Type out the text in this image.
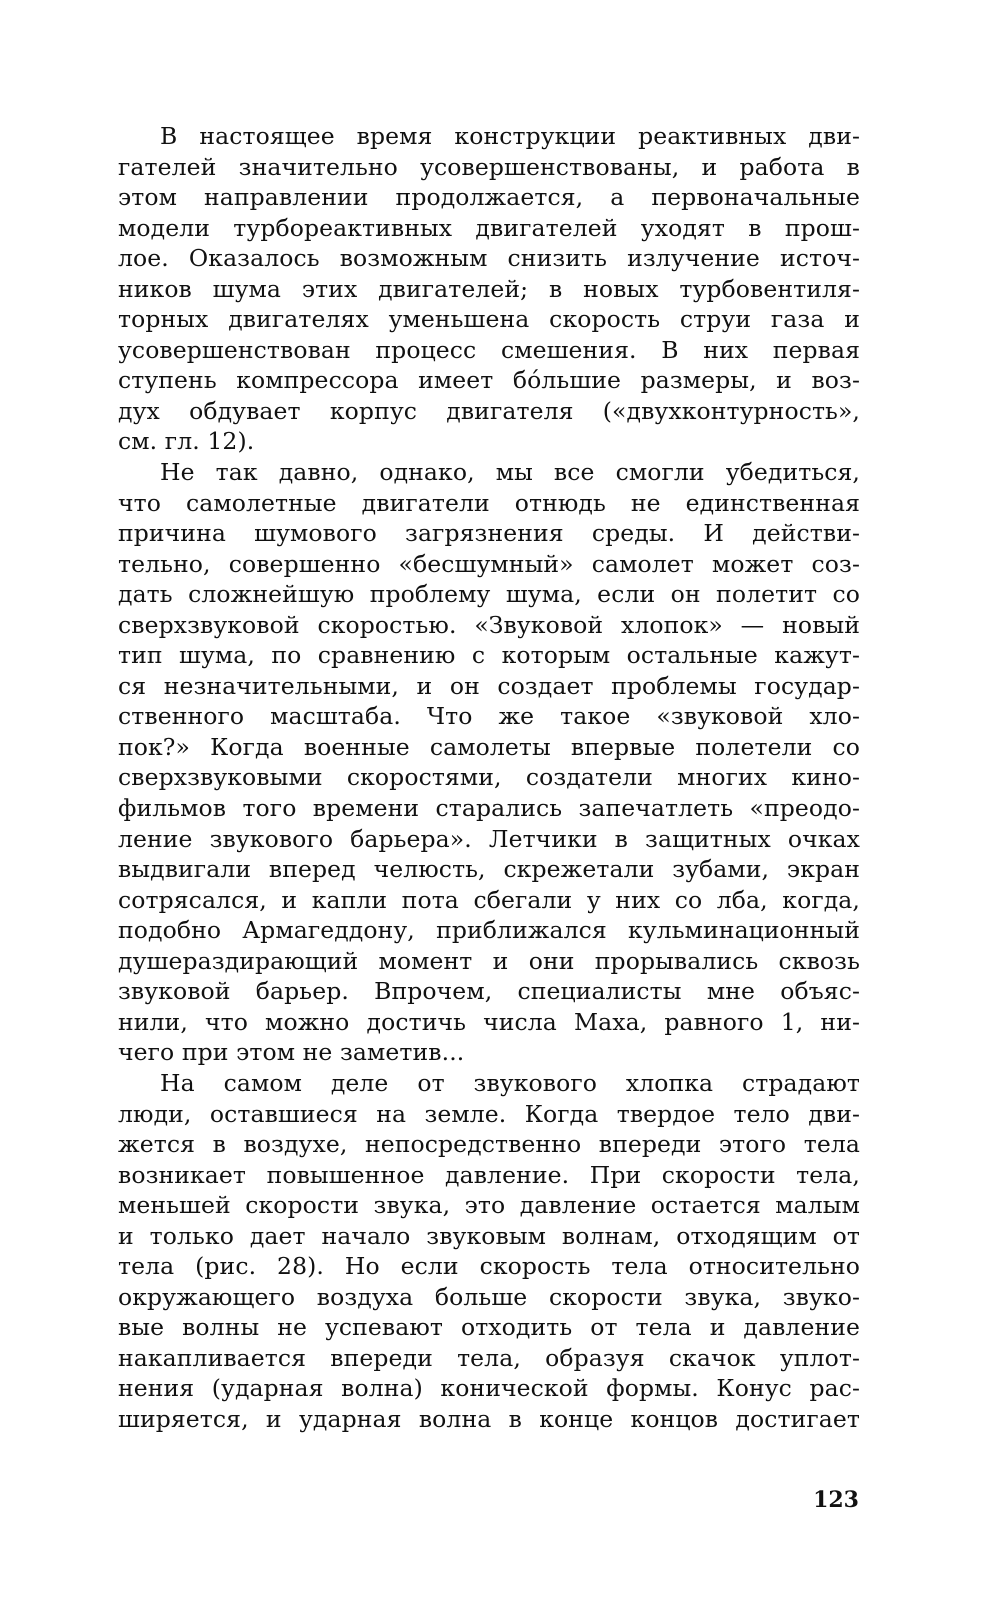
В настоящее время конструкции реактивных дви-
гателей значительно усовершенствованы, и работа в
этом направлении продолжается, а первоначальные
модели турбореактивных двигателей уходят в прош-
лое. Оказалось возможным снизить излучение источ-
ников шума этих двигателей; в новых турбовентиля-
торных двигателях уменьшена скорость струи газа и
усовершенствован процесс смешения. В них первая
ступень компрессора имеет бóльшие размеры, и воз-
дух обдувает корпус двигателя («двухконтурность»,
см. гл. 12).
Не так давно, однако, мы все смогли убедиться,
что самолетные двигатели отнюдь не единственная
причина шумового загрязнения среды. И действи-
тельно, совершенно «бесшумный» самолет может соз-
дать сложнейшую проблему шума, если он полетит со
сверхзвуковой скоростью. «Звуковой хлопок» — новый
тип шума, по сравнению с которым остальные кажут-
ся незначительными, и он создает проблемы государ-
ственного масштаба. Что же такое «звуковой хло-
пок?» Когда военные самолеты впервые полетели со
сверхзвуковыми скоростями, создатели многих кино-
фильмов того времени старались запечатлеть «преодо-
ление звукового барьера». Летчики в защитных очках
выдвигали вперед челюсть, скрежетали зубами, экран
сотрясался, и капли пота сбегали у них со лба, когда,
подобно Армагеддону, приближался кульминационный
душераздирающий момент и они прорывались сквозь
звуковой барьер. Впрочем, специалисты мне объяс-
нили, что можно достичь числа Маха, равного 1, ни-
чего при этом не заметив...
На самом деле от звукового хлопка страдают
люди, оставшиеся на земле. Когда твердое тело дви-
жется в воздухе, непосредственно впереди этого тела
возникает повышенное давление. При скорости тела,
меньшей скорости звука, это давление остается малым
и только дает начало звуковым волнам, отходящим от
тела (рис. 28). Но если скорость тела относительно
окружающего воздуха больше скорости звука, звуко-
вые волны не успевают отходить от тела и давление
накапливается впереди тела, образуя скачок уплот-
нения (ударная волна) конической формы. Конус рас-
ширяется, и ударная волна в конце концов достигает
123
